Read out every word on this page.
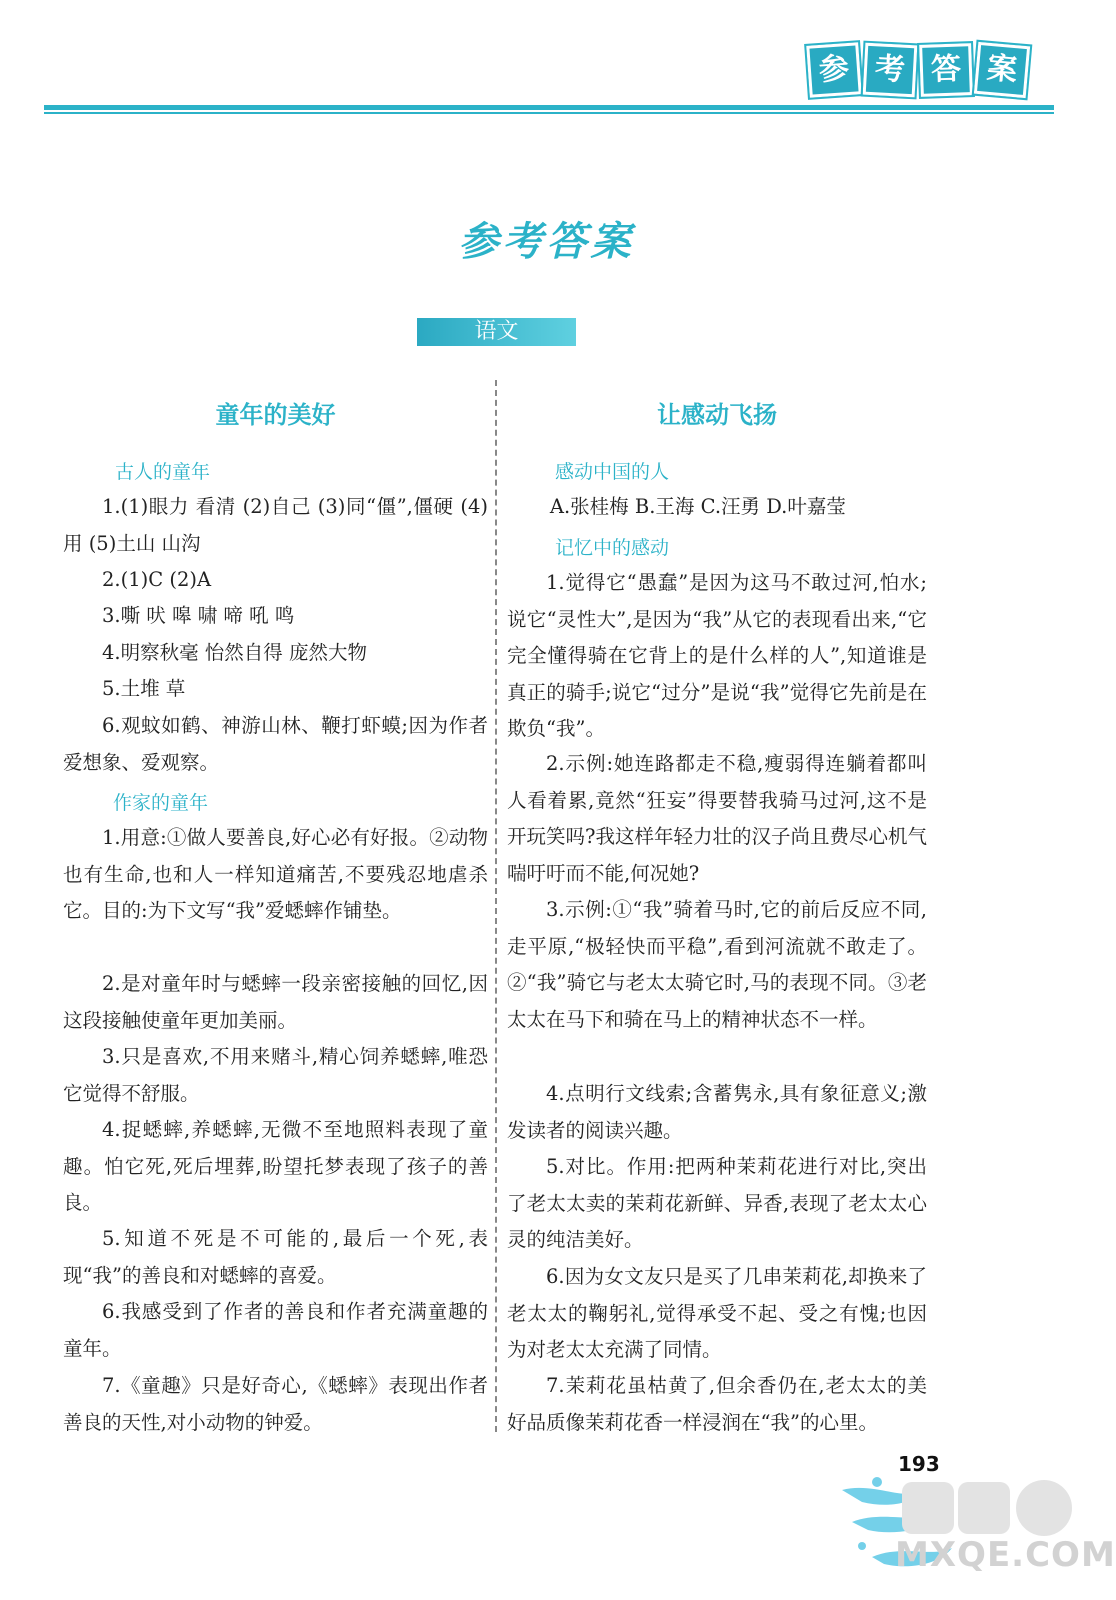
参 考 答 案
参考答案
语文
童年的美好
古人的童年

1.(1)眼力 看清 (2)自己 (3)同“僵”,僵硬 (4)用 (5)土山 山沟

2.(1)C (2)A

3.嘶 吠 嗥 啸 啼 吼 鸣

4.明察秋毫 怡然自得 庞然大物

5.土堆 草

6.观蚊如鹤、神游山林、鞭打虾蟆;因为作者爱想象、爱观察。

作家的童年

1.用意:①做人要善良,好心必有好报。②动物也有生命,也和人一样知道痛苦,不要残忍地虐杀它。目的:为下文写“我”爱蟋蟀作铺垫。

2.是对童年时与蟋蟀一段亲密接触的回忆,因这段接触使童年更加美丽。

3.只是喜欢,不用来赌斗,精心饲养蟋蟀,唯恐它觉得不舒服。

4.捉蟋蟀,养蟋蟀,无微不至地照料表现了童趣。怕它死,死后埋葬,盼望托梦表现了孩子的善良。

5.知道不死是不可能的,最后一个死,表现“我”的善良和对蟋蟀的喜爱。

6.我感受到了作者的善良和作者充满童趣的童年。

7.《童趣》只是好奇心,《蟋蟀》表现出作者善良的天性,对小动物的钟爱。

让感动飞扬
感动中国的人

A.张桂梅 B.王海 C.汪勇 D.叶嘉莹

记忆中的感动

1.觉得它“愚蠢”是因为这马不敢过河,怕水;说它“灵性大”,是因为“我”从它的表现看出来,“它完全懂得骑在它背上的是什么样的人”,知道谁是真正的骑手;说它“过分”是说“我”觉得它先前是在欺负“我”。

2.示例:她连路都走不稳,瘦弱得连躺着都叫人看着累,竟然“狂妄”得要替我骑马过河,这不是开玩笑吗?我这样年轻力壮的汉子尚且费尽心机气喘吁吁而不能,何况她?

3.示例:①“我”骑着马时,它的前后反应不同,走平原,“极轻快而平稳”,看到河流就不敢走了。②“我”骑它与老太太骑它时,马的表现不同。③老太太在马下和骑在马上的精神状态不一样。

4.点明行文线索;含蓄隽永,具有象征意义;激发读者的阅读兴趣。

5.对比。作用:把两种茉莉花进行对比,突出了老太太卖的茉莉花新鲜、异香,表现了老太太心灵的纯洁美好。

6.因为女文友只是买了几串茉莉花,却换来了老太太的鞠躬礼,觉得承受不起、受之有愧;也因为对老太太充满了同情。

7.茉莉花虽枯黄了,但余香仍在,老太太的美好品质像茉莉花香一样浸润在“我”的心里。

193
MXQE.COM
